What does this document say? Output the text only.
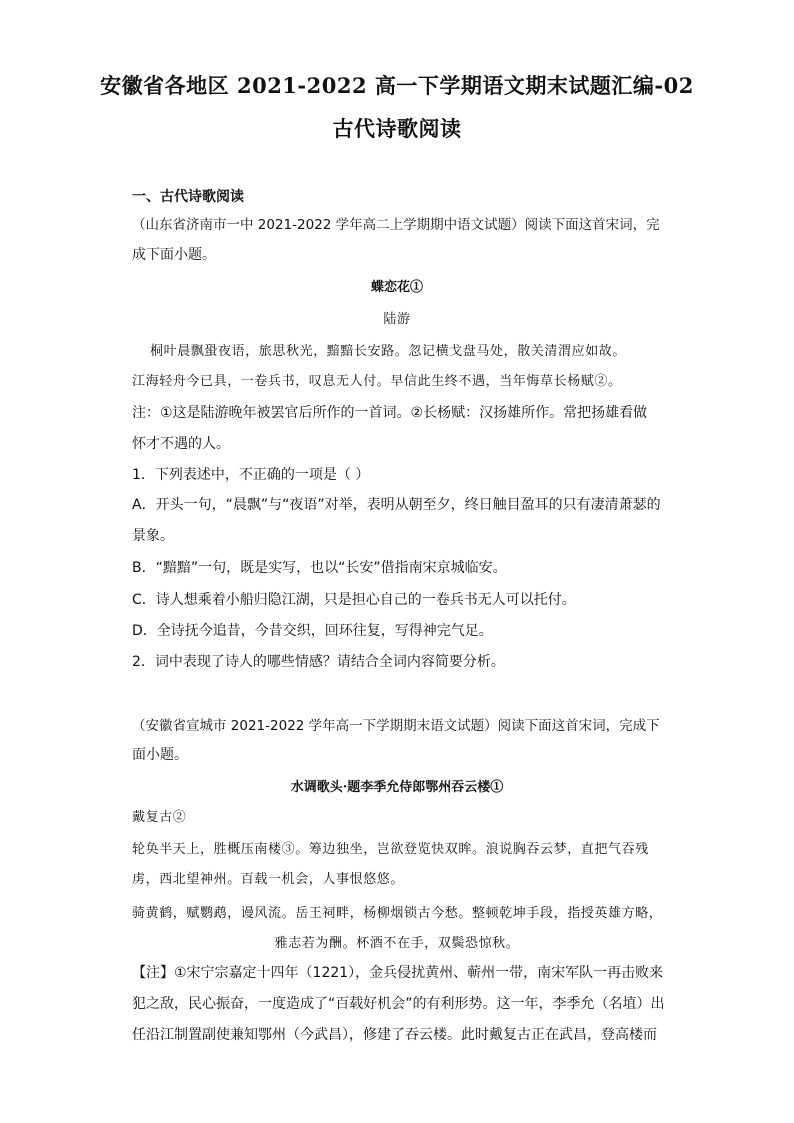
安徽省各地区 2021-2022 高一下学期语文期末试题汇编-02
古代诗歌阅读
一、古代诗歌阅读
（山东省济南市一中 2021-2022 学年高二上学期期中语文试题）阅读下面这首宋词，完
成下面小题。
蝶恋花①
陆游
桐叶晨飘蛩夜语，旅思秋光，黯黯长安路。忽记横戈盘马处，散关清渭应如故。
江海轻舟今已具，一卷兵书，叹息无人付。早信此生终不遇，当年悔草长杨赋②。
注：①这是陆游晚年被罢官后所作的一首词。②长杨赋：汉扬雄所作。常把扬雄看做
怀才不遇的人。
1．下列表述中，不正确的一项是（ ）
A．开头一句，“晨飘”与“夜语”对举，表明从朝至夕，终日触目盈耳的只有凄清萧瑟的
景象。
B．“黯黯”一句，既是实写，也以“长安”借指南宋京城临安。
C．诗人想乘着小船归隐江湖，只是担心自己的一卷兵书无人可以托付。
D．全诗抚今追昔，今昔交织，回环往复，写得神完气足。
2．词中表现了诗人的哪些情感？请结合全词内容简要分析。
（安徽省宣城市 2021-2022 学年高一下学期期末语文试题）阅读下面这首宋词，完成下
面小题。
水调歌头·题李季允侍郎鄂州吞云楼①
戴复古②
轮奂半天上，胜概压南楼③。筹边独坐，岂欲登览快双眸。浪说胸吞云梦，直把气吞残
虏，西北望神州。百载一机会，人事恨悠悠。
骑黄鹤，赋鹦鹉，谩风流。岳王祠畔，杨柳烟锁古今愁。整顿乾坤手段，指授英雄方略，
雅志若为酬。杯酒不在手，双鬓恐惊秋。
【注】①宋宁宗嘉定十四年（1221），金兵侵扰黄州、蕲州一带，南宋军队一再击败来
犯之敌，民心振奋，一度造成了“百载好机会”的有利形势。这一年，李季允（名埴）出
任沿江制置副使兼知鄂州（今武昌），修建了吞云楼。此时戴复古正在武昌，登高楼而
